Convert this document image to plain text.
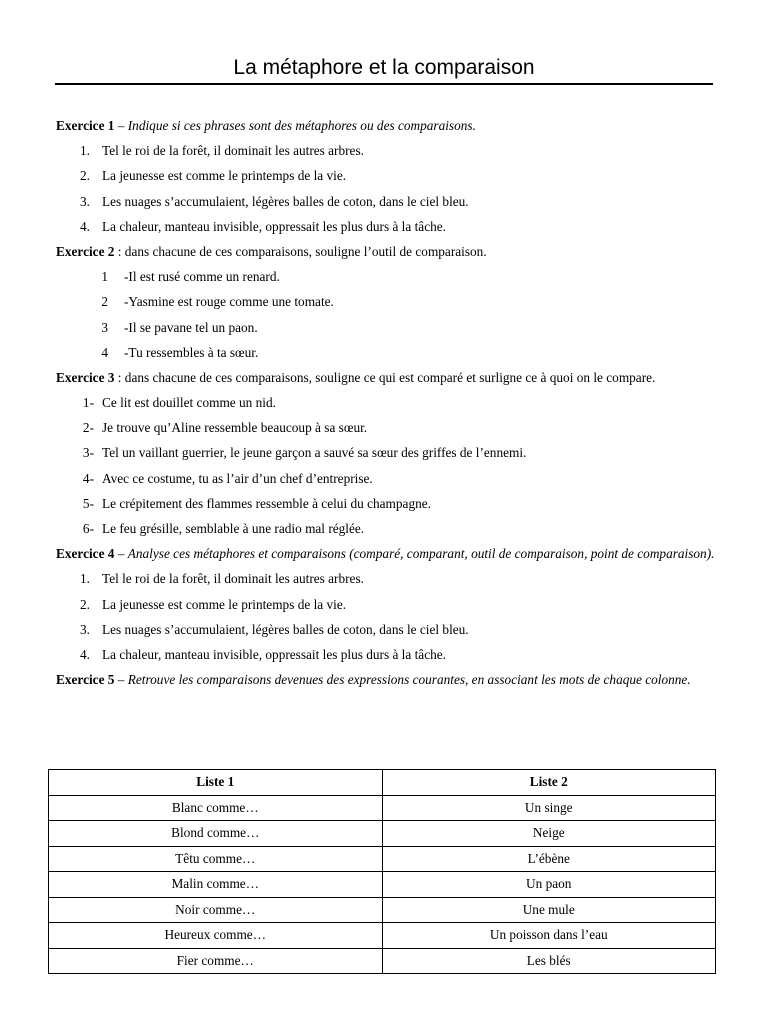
La métaphore et la comparaison
Exercice 1 – Indique si ces phrases sont des métaphores ou des comparaisons.
1. Tel le roi de la forêt, il dominait les autres arbres.
2. La jeunesse est comme le printemps de la vie.
3. Les nuages s’accumulaient, légères balles de coton, dans le ciel bleu.
4. La chaleur, manteau invisible, oppressait les plus durs à la tâche.
Exercice 2 : dans chacune de ces comparaisons, souligne l’outil de comparaison.
1 -Il est rusé comme un renard.
2 -Yasmine est rouge comme une tomate.
3 -Il se pavane tel un paon.
4 -Tu ressembles à ta sœur.
Exercice 3 : dans chacune de ces comparaisons, souligne ce qui est comparé et surligne ce à quoi on le compare.
1- Ce lit est douillet comme un nid.
2- Je trouve qu’Aline ressemble beaucoup à sa sœur.
3- Tel un vaillant guerrier, le jeune garçon a sauvé sa sœur des griffes de l’ennemi.
4- Avec ce costume, tu as l’air d’un chef d’entreprise.
5- Le crépitement des flammes ressemble à celui du champagne.
6- Le feu grésille, semblable à une radio mal réglée.
Exercice 4 – Analyse ces métaphores et comparaisons (comparé, comparant, outil de comparaison, point de comparaison).
1. Tel le roi de la forêt, il dominait les autres arbres.
2. La jeunesse est comme le printemps de la vie.
3. Les nuages s’accumulaient, légères balles de coton, dans le ciel bleu.
4. La chaleur, manteau invisible, oppressait les plus durs à la tâche.
Exercice 5 – Retrouve les comparaisons devenues des expressions courantes, en associant les mots de chaque colonne.
Liste 1	Liste 2
Blanc comme…	Un singe
Blond comme…	Neige
Têtu comme…	L’ébène
Malin comme…	Un paon
Noir comme…	Une mule
Heureux comme…	Un poisson dans l’eau
Fier comme…	Les blés
